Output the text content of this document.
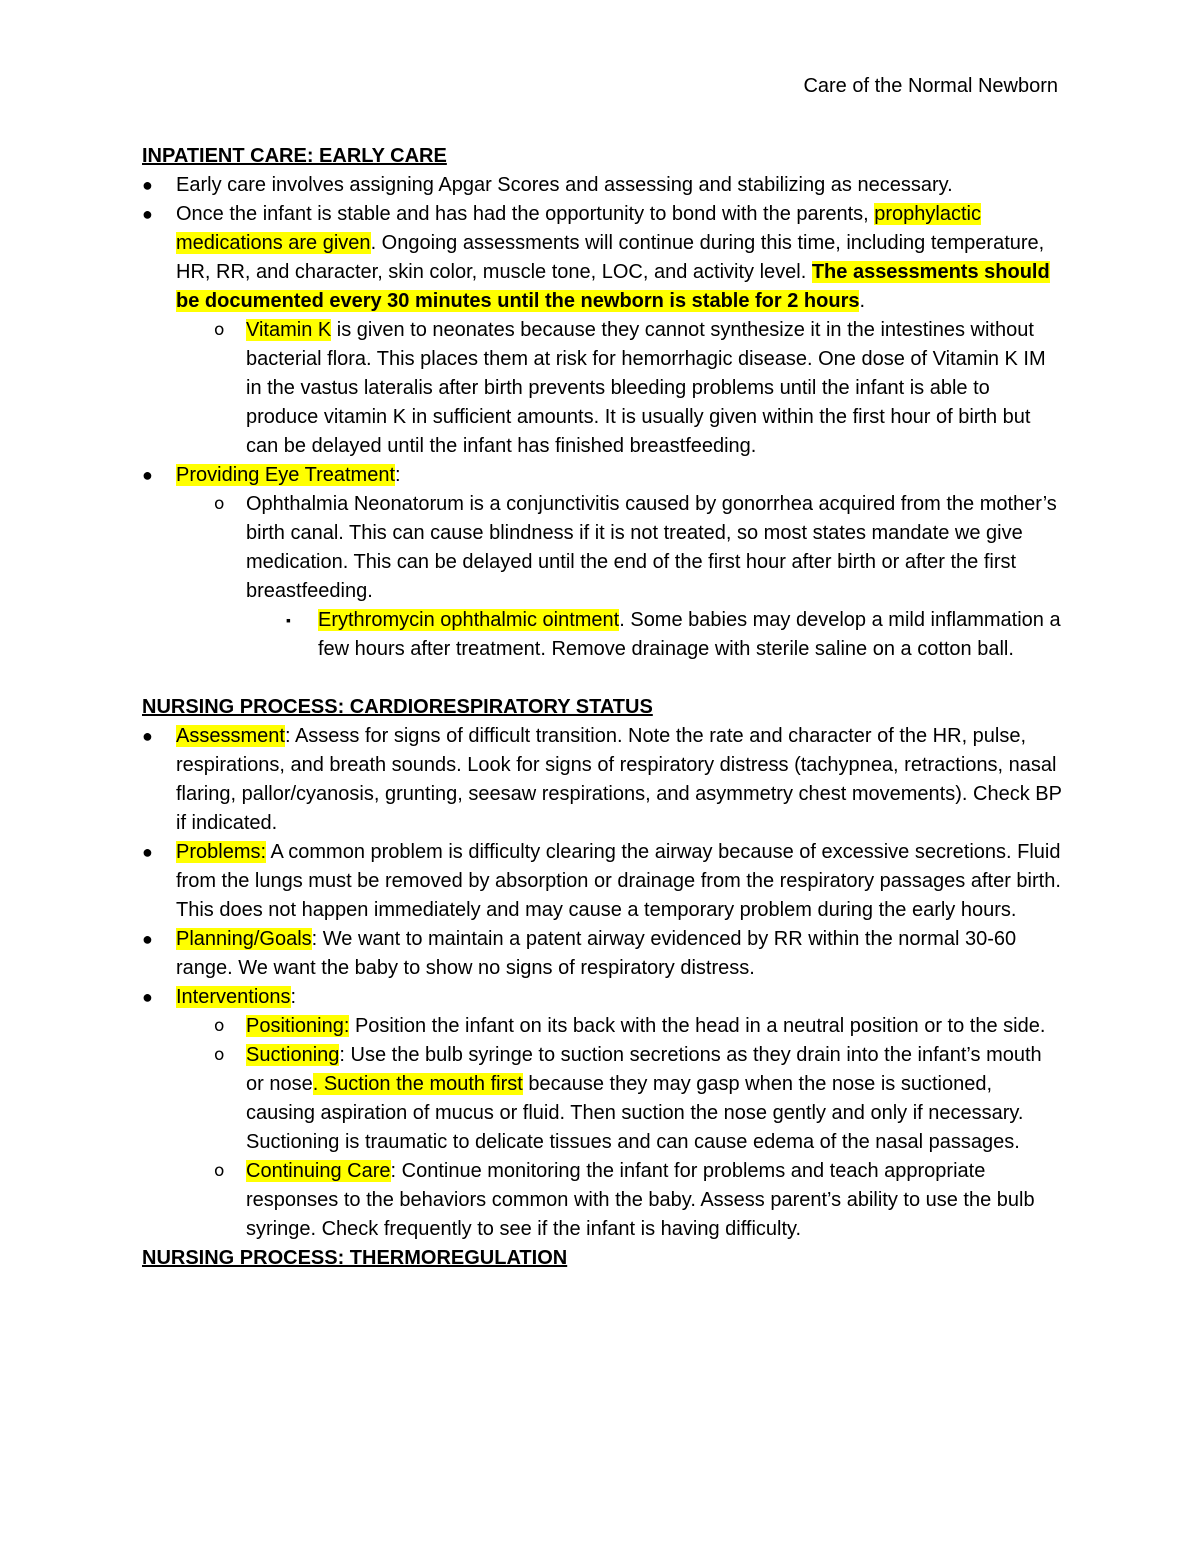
Care of the Normal Newborn
INPATIENT CARE: EARLY CARE
●	Early care involves assigning Apgar Scores and assessing and stabilizing as necessary.
●	Once the infant is stable and has had the opportunity to bond with the parents, prophylactic medications are given. Ongoing assessments will continue during this time, including temperature, HR, RR, and character, skin color, muscle tone, LOC, and activity level. The assessments should be documented every 30 minutes until the newborn is stable for 2 hours.
o	Vitamin K is given to neonates because they cannot synthesize it in the intestines without bacterial flora. This places them at risk for hemorrhagic disease. One dose of Vitamin K IM in the vastus lateralis after birth prevents bleeding problems until the infant is able to produce vitamin K in sufficient amounts. It is usually given within the first hour of birth but can be delayed until the infant has finished breastfeeding.
●	Providing Eye Treatment:
o	Ophthalmia Neonatorum is a conjunctivitis caused by gonorrhea acquired from the mother’s birth canal. This can cause blindness if it is not treated, so most states mandate we give medication. This can be delayed until the end of the first hour after birth or after the first breastfeeding.
▪	Erythromycin ophthalmic ointment. Some babies may develop a mild inflammation a few hours after treatment. Remove drainage with sterile saline on a cotton ball.
NURSING PROCESS: CARDIORESPIRATORY STATUS
●	Assessment: Assess for signs of difficult transition. Note the rate and character of the HR, pulse, respirations, and breath sounds. Look for signs of respiratory distress (tachypnea, retractions, nasal flaring, pallor/cyanosis, grunting, seesaw respirations, and asymmetry chest movements). Check BP if indicated.
●	Problems: A common problem is difficulty clearing the airway because of excessive secretions. Fluid from the lungs must be removed by absorption or drainage from the respiratory passages after birth. This does not happen immediately and may cause a temporary problem during the early hours.
●	Planning/Goals: We want to maintain a patent airway evidenced by RR within the normal 30-60 range. We want the baby to show no signs of respiratory distress.
●	Interventions:
o	Positioning: Position the infant on its back with the head in a neutral position or to the side.
o	Suctioning: Use the bulb syringe to suction secretions as they drain into the infant’s mouth or nose. Suction the mouth first because they may gasp when the nose is suctioned, causing aspiration of mucus or fluid. Then suction the nose gently and only if necessary. Suctioning is traumatic to delicate tissues and can cause edema of the nasal passages.
o	Continuing Care: Continue monitoring the infant for problems and teach appropriate responses to the behaviors common with the baby. Assess parent’s ability to use the bulb syringe. Check frequently to see if the infant is having difficulty.
NURSING PROCESS: THERMOREGULATION
